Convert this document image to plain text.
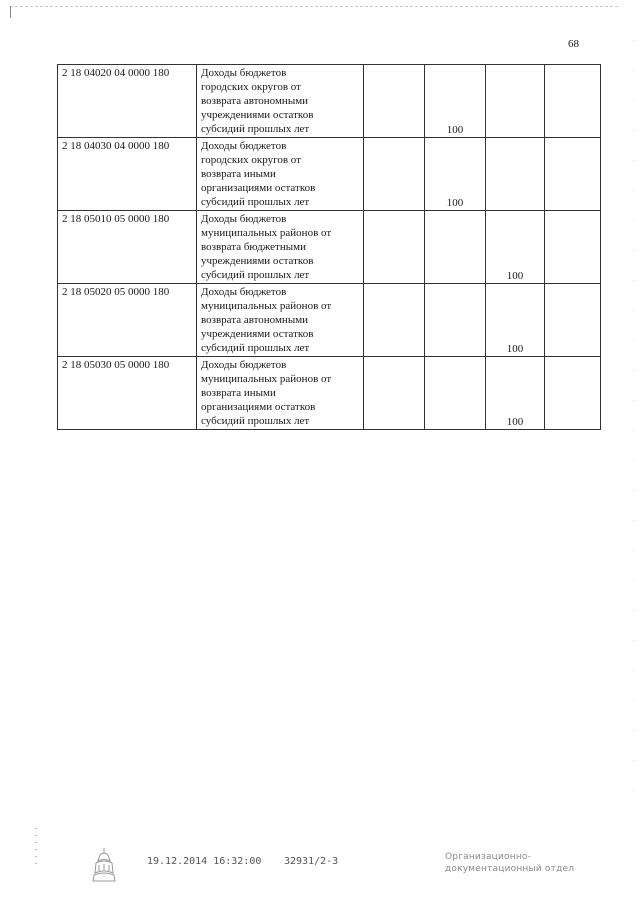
68
2 18 04020 04 0000 180	Доходы бюджетов
городских округов от
возврата автономными
учреждениями остатков
субсидий прошлых лет		100		
2 18 04030 04 0000 180	Доходы бюджетов
городских округов от
возврата иными
организациями остатков
субсидий прошлых лет		100		
2 18 05010 05 0000 180	Доходы бюджетов
муниципальных районов от
возврата бюджетными
учреждениями остатков
субсидий прошлых лет			100	
2 18 05020 05 0000 180	Доходы бюджетов
муниципальных районов от
возврата автономными
учреждениями остатков
субсидий прошлых лет			100	
2 18 05030 05 0000 180	Доходы бюджетов
муниципальных районов от
возврата иными
организациями остатков
субсидий прошлых лет			100	
19.12.2014 16:32:00 32931/2-3	Организационно-
документационный отдел
